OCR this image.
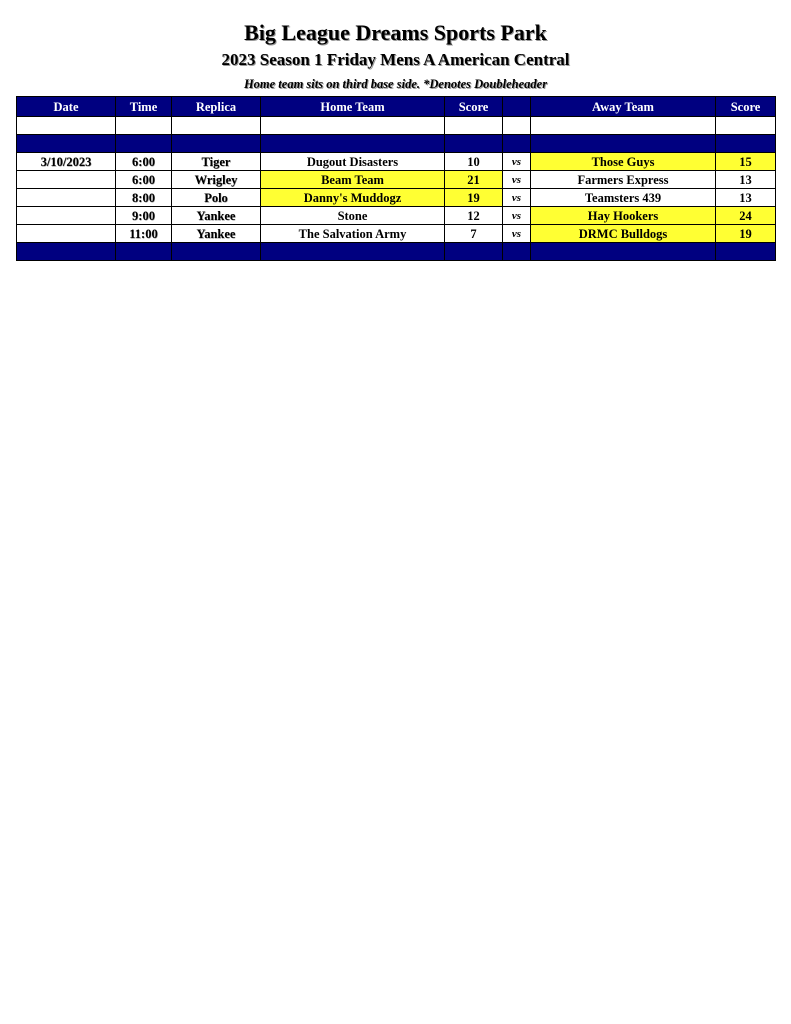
Big League Dreams Sports Park
2023 Season 1 Friday Mens A American Central
Home team sits on third base side. *Denotes Doubleheader
Date	Time	Replica	Home Team	Score		Away Team	Score

3/10/2023	6:00	Tiger	Dugout Disasters	10	vs	Those Guys	15
	6:00	Wrigley	Beam Team	21	vs	Farmers Express	13
	8:00	Polo	Danny's Muddogz	19	vs	Teamsters 439	13
	9:00	Yankee	Stone	12	vs	Hay Hookers	24
	11:00	Yankee	The Salvation Army	7	vs	DRMC Bulldogs	19
